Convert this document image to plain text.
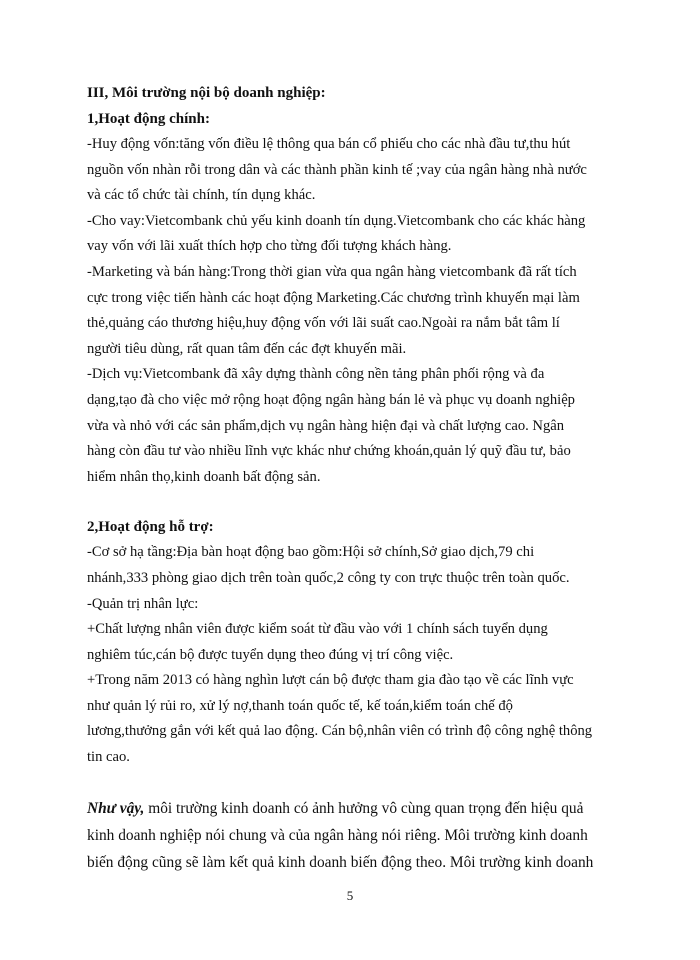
III, Môi trường nội bộ doanh nghiệp:
1,Hoạt động chính:

-Huy động vốn:tăng vốn điều lệ thông qua bán cổ phiếu cho các nhà đầu tư,thu hút
nguồn vốn nhàn rỗi trong dân và các thành phần kinh tế ;vay của ngân hàng nhà nước
và các tổ chức tài chính, tín dụng khác.

-Cho vay:Vietcombank chủ yếu kinh doanh tín dụng.Vietcombank cho các khác hàng
vay vốn với lãi xuất thích hợp cho từng đối tượng khách hàng.

-Marketing và bán hàng:Trong thời gian vừa qua ngân hàng vietcombank đã rất tích
cực trong việc tiến hành các hoạt động Marketing.Các chương trình khuyến mại làm
thẻ,quảng cáo thương hiệu,huy động vốn với lãi suất cao.Ngoài ra nắm bắt tâm lí
người tiêu dùng, rất quan tâm đến các đợt khuyến mãi.

-Dịch vụ:Vietcombank đã xây dựng thành công nền tảng phân phối rộng và đa
dạng,tạo đà cho việc mở rộng hoạt động ngân hàng bán lẻ và phục vụ doanh nghiệp
vừa và nhỏ với các sản phẩm,dịch vụ ngân hàng hiện đại và chất lượng cao. Ngân
hàng còn đầu tư vào nhiều lĩnh vực khác như chứng khoán,quản lý quỹ đầu tư, bảo
hiểm nhân thọ,kinh doanh bất động sản.

2,Hoạt động hỗ trợ:

-Cơ sở hạ tầng:Địa bàn hoạt động bao gồm:Hội sở chính,Sở giao dịch,79 chi
nhánh,333 phòng giao dịch trên toàn quốc,2 công ty con trực thuộc trên toàn quốc.

-Quản trị nhân lực:

+Chất lượng nhân viên được kiểm soát từ đầu vào với 1 chính sách tuyển dụng
nghiêm túc,cán bộ được tuyển dụng theo đúng vị trí công việc.

+Trong năm 2013 có hàng nghìn lượt cán bộ được tham gia đào tạo về các lĩnh vực
như quản lý rủi ro, xử lý nợ,thanh toán quốc tế, kế toán,kiểm toán chế độ
lương,thưởng gắn với kết quả lao động. Cán bộ,nhân viên có trình độ công nghệ thông
tin cao.

Như vậy, môi trường kinh doanh có ảnh hưởng vô cùng quan trọng đến hiệu quả
kinh doanh nghiệp nói chung và của ngân hàng nói riêng. Môi trường kinh doanh
biến động cũng sẽ làm kết quả kinh doanh biến động theo. Môi trường kinh doanh

5
